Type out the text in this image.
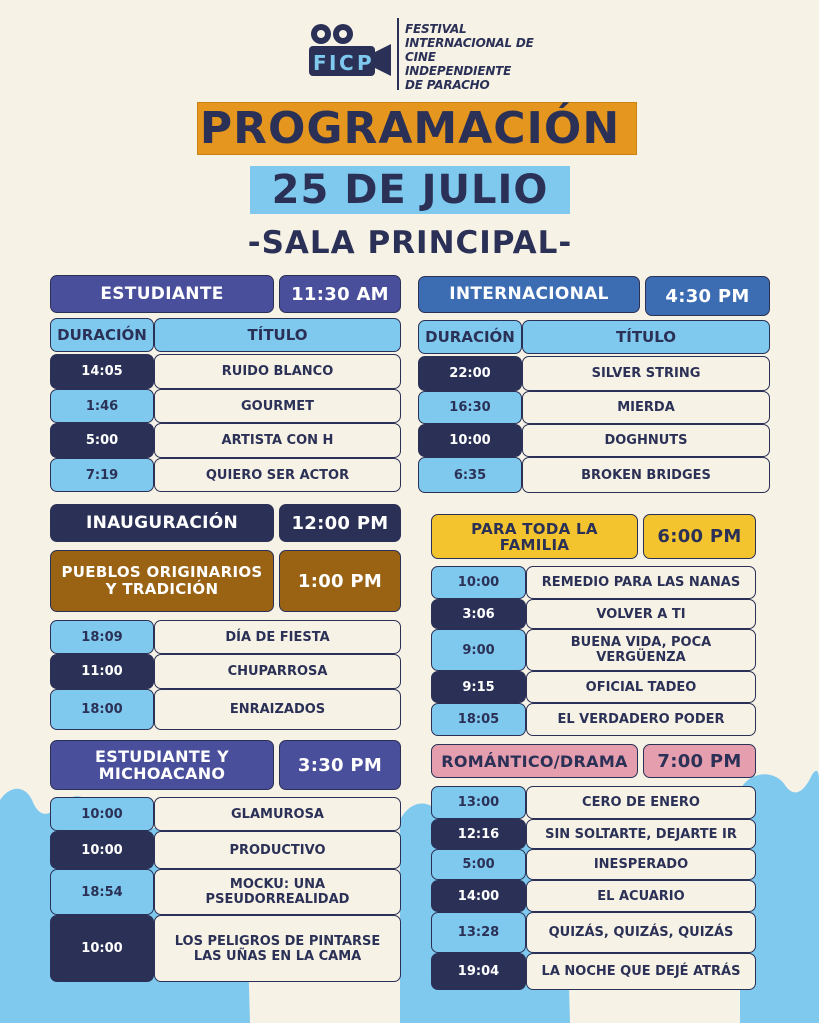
F I C P
FESTIVAL
INTERNACIONAL DE
CINE INDEPENDIENTE
DE PARACHO
PROGRAMACIÓN
25 DE JULIO
-SALA PRINCIPAL-
ESTUDIANTE	11:30 AM
DURACIÓN	TÍTULO
14:05	RUIDO BLANCO
1:46	GOURMET
5:00	ARTISTA CON H
7:19	QUIERO SER ACTOR
INTERNACIONAL	4:30 PM
DURACIÓN	TÍTULO
22:00	SILVER STRING
16:30	MIERDA
10:00	DOGHNUTS
6:35	BROKEN BRIDGES
INAUGURACIÓN	12:00 PM
PUEBLOS ORIGINARIOS Y TRADICIÓN	1:00 PM
18:09	DÍA DE FIESTA
11:00	CHUPARROSA
18:00	ENRAIZADOS
ESTUDIANTE Y MICHOACANO	3:30 PM
10:00	GLAMUROSA
10:00	PRODUCTIVO
18:54	MOCKU: UNA PSEUDORREALIDAD
10:00	LOS PELIGROS DE PINTARSE LAS UÑAS EN LA CAMA
PARA TODA LA FAMILIA	6:00 PM
10:00	REMEDIO PARA LAS NANAS
3:06	VOLVER A TI
9:00	BUENA VIDA, POCA VERGÜENZA
9:15	OFICIAL TADEO
18:05	EL VERDADERO PODER
ROMÁNTICO/DRAMA	7:00 PM
13:00	CERO DE ENERO
12:16	SIN SOLTARTE, DEJARTE IR
5:00	INESPERADO
14:00	EL ACUARIO
13:28	QUIZÁS, QUIZÁS, QUIZÁS
19:04	LA NOCHE QUE DEJÉ ATRÁS
